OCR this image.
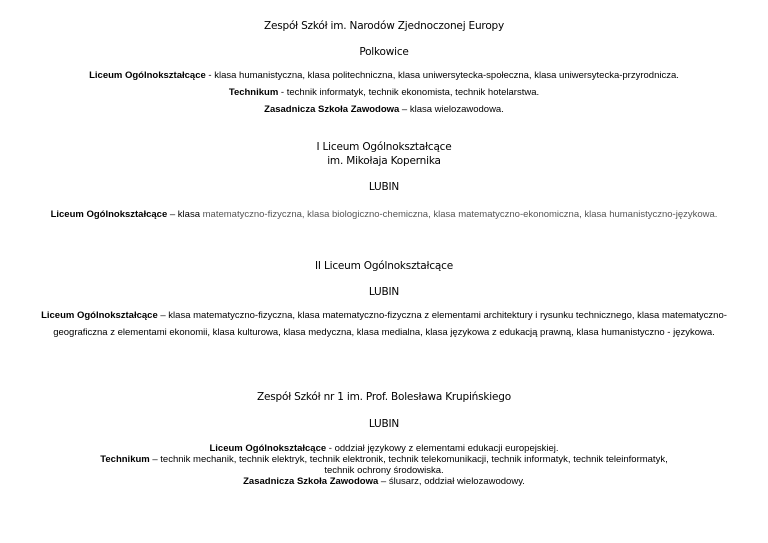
Zespół Szkół im. Narodów Zjednoczonej Europy
Polkowice
Liceum Ogólnokształcące - klasa humanistyczna, klasa politechniczna, klasa uniwersytecka-społeczna, klasa uniwersytecka-przyrodnicza.
Technikum - technik informatyk, technik ekonomista, technik hotelarstwa.
Zasadnicza Szkoła Zawodowa – klasa wielozawodowa.
I Liceum Ogólnokształcące
im. Mikołaja Kopernika
LUBIN
Liceum Ogólnokształcące – klasa matematyczno-fizyczna, klasa biologiczno-chemiczna, klasa matematyczno-ekonomiczna, klasa humanistyczno-językowa.
II Liceum Ogólnokształcące
LUBIN
Liceum Ogólnokształcące – klasa matematyczno-fizyczna, klasa matematyczno-fizyczna z elementami architektury i rysunku technicznego, klasa matematyczno-
geograficzna z elementami ekonomii, klasa kulturowa, klasa medyczna, klasa medialna, klasa językowa z edukacją prawną, klasa humanistyczno - językowa.
Zespół Szkół nr 1 im. Prof. Bolesława Krupińskiego
LUBIN
Liceum Ogólnokształcące - oddział językowy z elementami edukacji europejskiej.
Technikum – technik mechanik, technik elektryk, technik elektronik, technik telekomunikacji, technik informatyk, technik teleinformatyk,
technik ochrony środowiska.
Zasadnicza Szkoła Zawodowa – ślusarz, oddział wielozawodowy.
